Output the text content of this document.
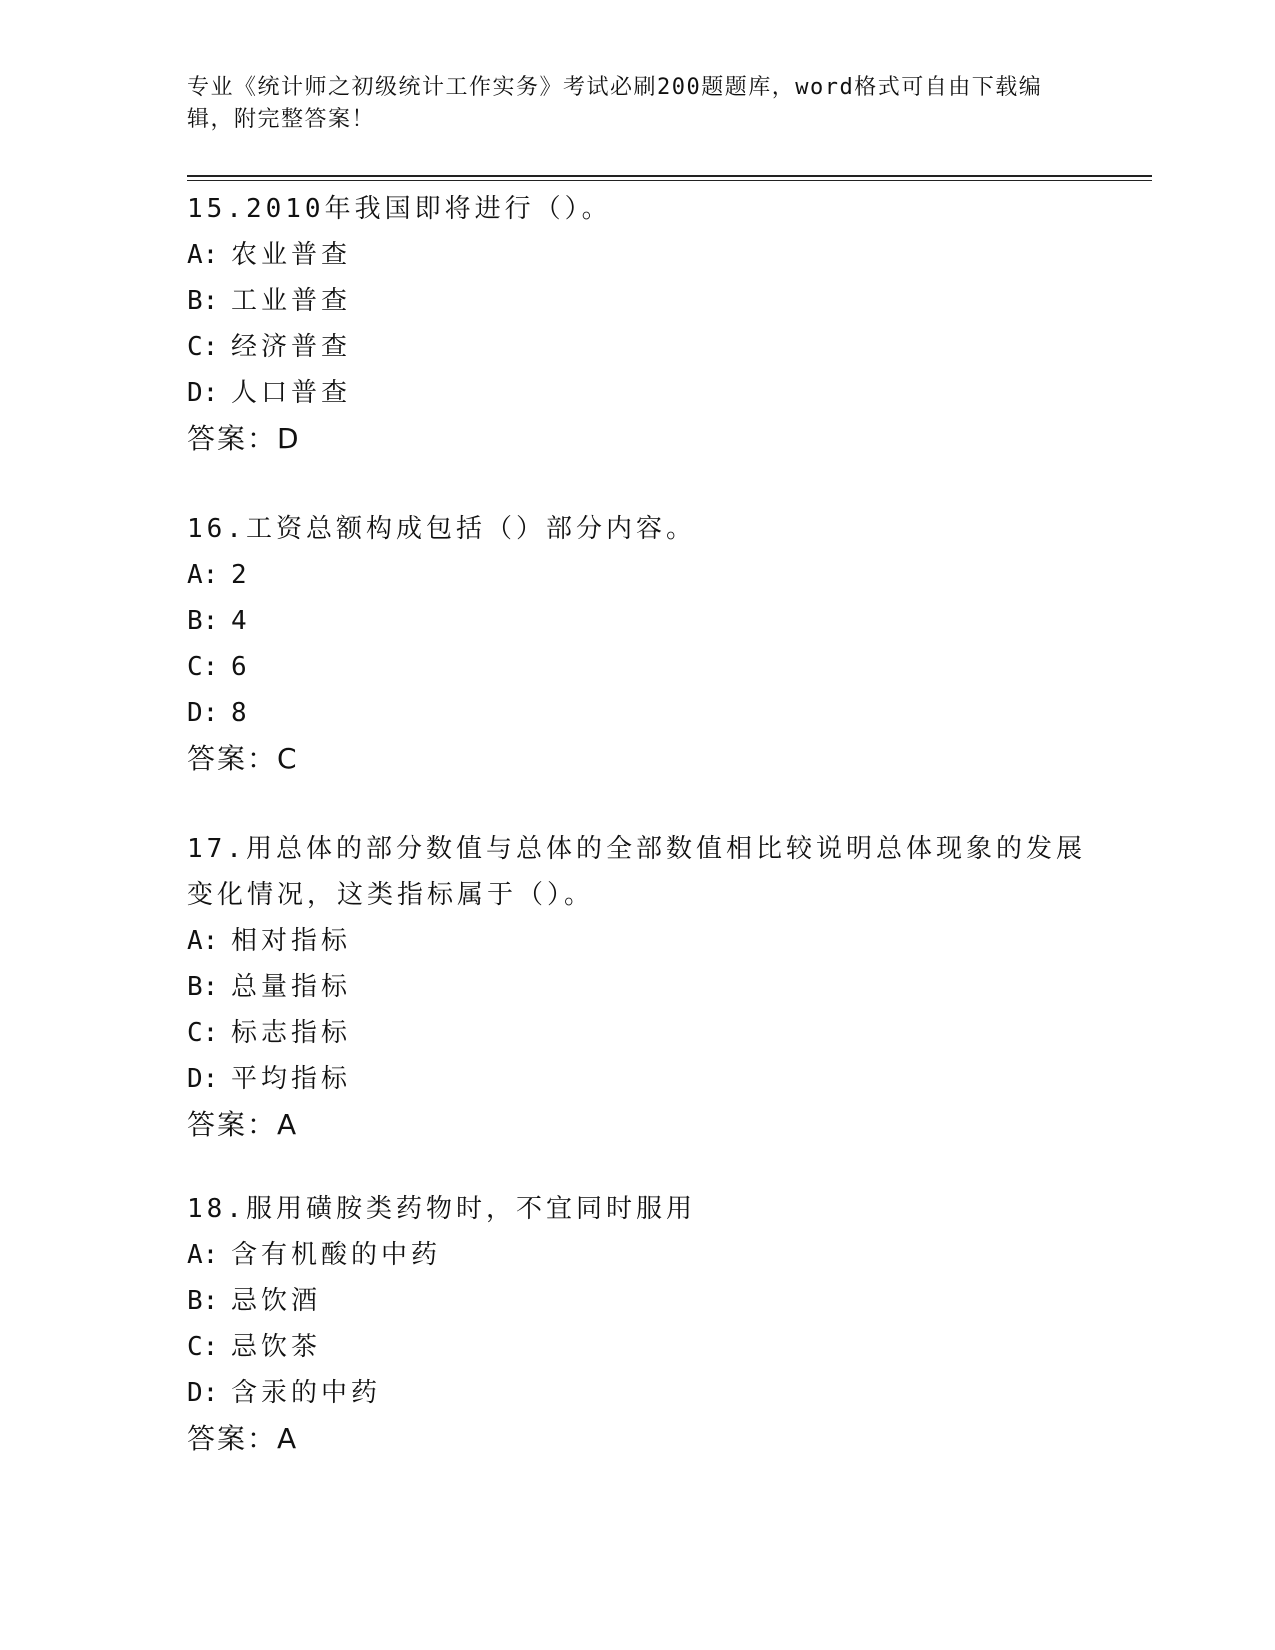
专业《统计师之初级统计工作实务》考试必刷200题题库，word格式可自由下载编辑，附完整答案！
15.2010年我国即将进行（）。
A: 农业普查
B: 工业普查
C: 经济普查
D: 人口普查
答案：D
16.工资总额构成包括（）部分内容。
A: 2
B: 4
C: 6
D: 8
答案：C
17.用总体的部分数值与总体的全部数值相比较说明总体现象的发展变化情况，这类指标属于（）。
A: 相对指标
B: 总量指标
C: 标志指标
D: 平均指标
答案：A
18.服用磺胺类药物时，不宜同时服用
A: 含有机酸的中药
B: 忌饮酒
C: 忌饮茶
D: 含汞的中药
答案：A
